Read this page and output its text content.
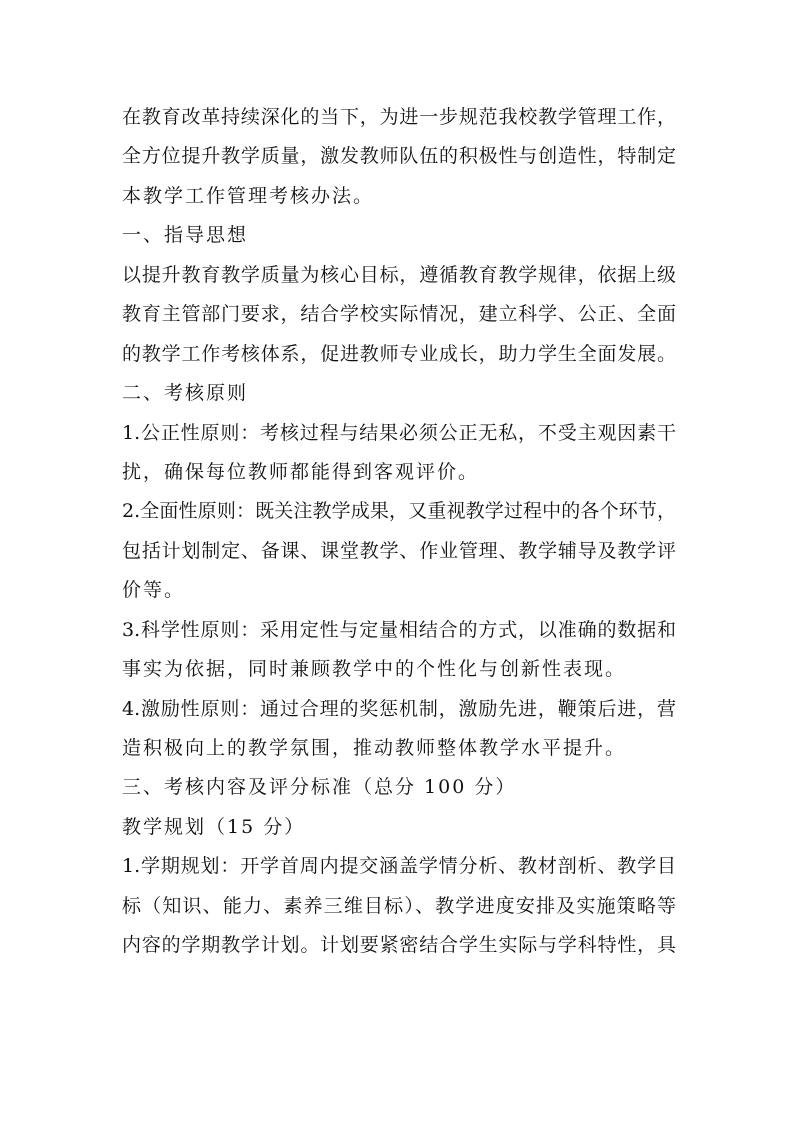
在教育改革持续深化的当下，为进一步规范我校教学管理工作，
全方位提升教学质量，激发教师队伍的积极性与创造性，特制定
本教学工作管理考核办法。
一、指导思想
以提升教育教学质量为核心目标，遵循教育教学规律，依据上级
教育主管部门要求，结合学校实际情况，建立科学、公正、全面
的教学工作考核体系，促进教师专业成长，助力学生全面发展。
二、考核原则
1.公正性原则：考核过程与结果必须公正无私，不受主观因素干
扰，确保每位教师都能得到客观评价。
2.全面性原则：既关注教学成果，又重视教学过程中的各个环节，
包括计划制定、备课、课堂教学、作业管理、教学辅导及教学评
价等。
3.科学性原则：采用定性与定量相结合的方式，以准确的数据和
事实为依据，同时兼顾教学中的个性化与创新性表现。
4.激励性原则：通过合理的奖惩机制，激励先进，鞭策后进，营
造积极向上的教学氛围，推动教师整体教学水平提升。
三、考核内容及评分标准（总分 100 分）
教学规划（15 分）
1.学期规划：开学首周内提交涵盖学情分析、教材剖析、教学目
标（知识、能力、素养三维目标）、教学进度安排及实施策略等
内容的学期教学计划。计划要紧密结合学生实际与学科特性，具
